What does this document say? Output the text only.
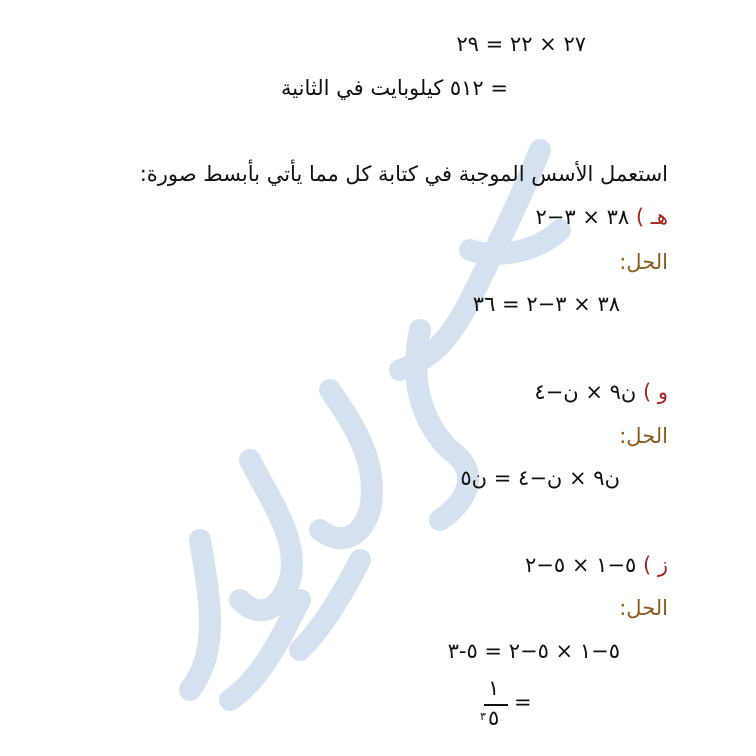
٢٧ × ٢٢ = ٢٩
= ٥١٢ كيلوبايت في الثانية
استعمل الأسس الموجبة في كتابة كل مما يأتي بأبسط صورة:
هـ ) ٣٨ × ٣−٢
الحل:
٣٨ × ٣−٢ = ٣٦
و ) ن٩ × ن−٤
الحل:
ن٩ × ن−٤ = ن٥
ز ) ٥−١ × ٥−٢
الحل:
٥−١ × ٥−٢ = ٥-٣
١
٥
٣
=
